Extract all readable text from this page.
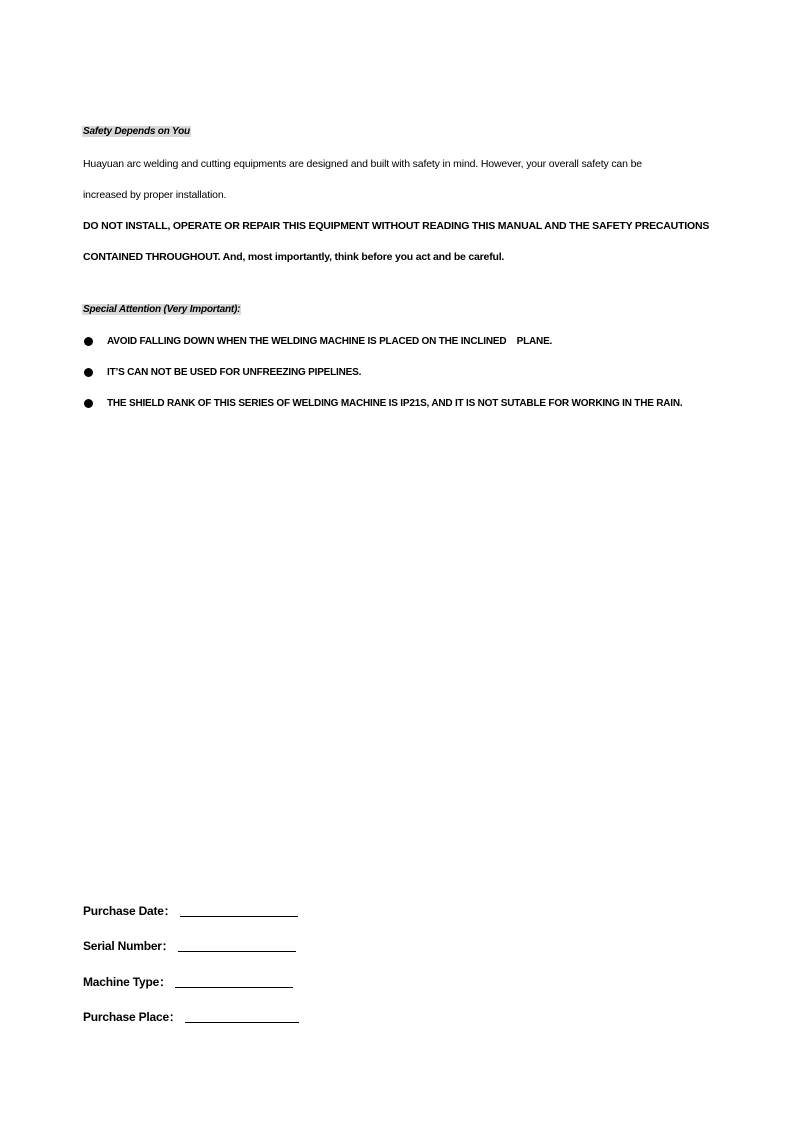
Safety Depends on You
Huayuan arc welding and cutting equipments are designed and built with safety in mind. However, your overall safety can be
increased by proper installation.
DO NOT INSTALL, OPERATE OR REPAIR THIS EQUIPMENT WITHOUT READING THIS MANUAL AND THE SAFETY PRECAUTIONS
CONTAINED THROUGHOUT. And, most importantly, think before you act and be careful.
Special Attention (Very Important):
AVOID FALLING DOWN WHEN THE WELDING MACHINE IS PLACED ON THE INCLINED    PLANE.
IT’S CAN NOT BE USED FOR UNFREEZING PIPELINES.
THE SHIELD RANK OF THIS SERIES OF WELDING MACHINE IS IP21S, AND IT IS NOT SUTABLE FOR WORKING IN THE RAIN.
Purchase Date：
Serial Number：
Machine Type：
Purchase Place：
